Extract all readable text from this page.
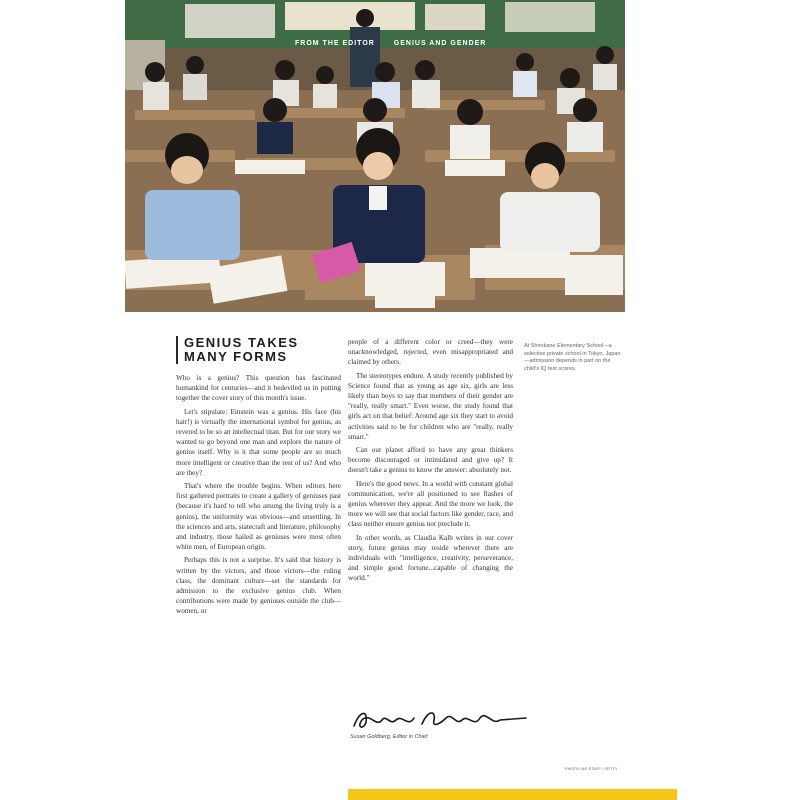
FROM THE EDITOR	GENIUS AND GENDER
GENIUS TAKES MANY FORMS

Who is a genius? This question has fascinated humankind for centuries—and it bedeviled us in putting together the cover story of this month's issue.

Let's stipulate: Einstein was a genius. His face (his hair!) is virtually the international symbol for genius, as revered to be so an intellectual titan. But for our story we wanted to go beyond one man and explore the nature of genius itself. Why is it that some people are so much more intelligent or creative than the rest of us? And who are they?

That's where the trouble begins. When editors here first gathered portraits to create a gallery of geniuses past (because it's hard to tell who among the living truly is a genius), the uniformity was obvious—and unsettling. In the sciences and arts, statecraft and literature, philosophy and industry, those hailed as geniuses were most often white men, of European origin.

Perhaps this is not a surprise. It's said that history is written by the victors, and those victors—the ruling class, the dominant culture—set the standards for admission to the exclusive genius club. When contributions were made by geniuses outside the club—women, or

people of a different color or creed—they were unacknowledged, rejected, even misappropriated and claimed by others.

The stereotypes endure. A study recently published by Science found that as young as age six, girls are less likely than boys to say that members of their gender are "really, really smart." Even worse, the study found that girls act on that belief: Around age six they start to avoid activities said to be for children who are "really, really smart."

Can our planet afford to have any great thinkers become discouraged or intimidated and give up? It doesn't take a genius to know the answer: absolutely not.

Here's the good news. In a world with constant global communication, we're all positioned to see flashes of genius wherever they appear. And the more we look, the more we will see that social factors like gender, race, and class neither ensure genius nor preclude it.

In other words, as Claudia Kalb writes in our cover story, future genius may reside wherever there are individuals with "intelligence, creativity, perseverance, and simple good fortune...capable of changing the world."

At Shirokane Elementary School—a selective private school in Tokyo, Japan—admission depends in part on the child's IQ test scores.
Susan Goldberg, Editor in Chief
PHOTO: NG STAFF / GETTY
